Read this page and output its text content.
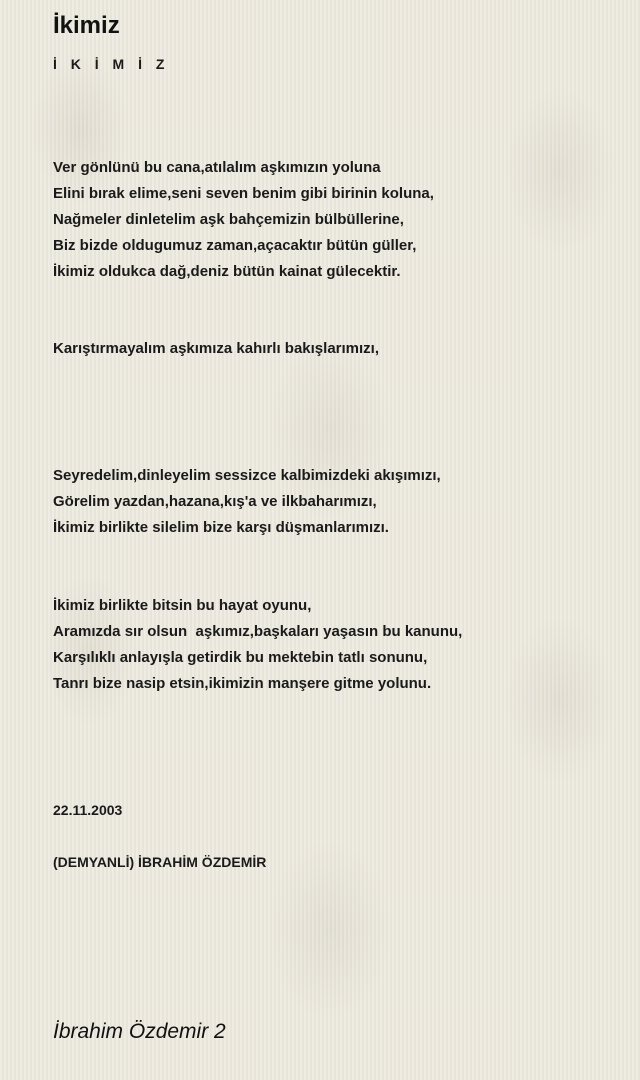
İkimiz

İ K İ M İ Z

Ver gönlünü bu cana,atılalım aşkımızın yoluna
Elini bırak elime,seni seven benim gibi birinin koluna,
Nağmeler dinletelim aşk bahçemizin bülbüllerine,
Biz bizde oldugumuz zaman,açacaktır bütün güller,
İkimiz oldukca dağ,deniz bütün kainat gülecektir.

Karıştırmayalım aşkımıza kahırlı bakışlarımızı,

Seyredelim,dinleyelim sessizce kalbimizdeki akışımızı,
Görelim yazdan,hazana,kış'a ve ilkbaharımızı,
İkimiz birlikte silelim bize karşı düşmanlarımızı.

İkimiz birlikte bitsin bu hayat oyunu,
Aramızda sır olsun  aşkımız,başkaları yaşasın bu kanunu,
Karşılıklı anlayışla getirdik bu mektebin tatlı sonunu,
Tanrı bize nasip etsin,ikimizin manşere gitme yolunu.

22.11.2003

(DEMYANLİ) İBRAHİM ÖZDEMİR

İbrahim Özdemir 2
